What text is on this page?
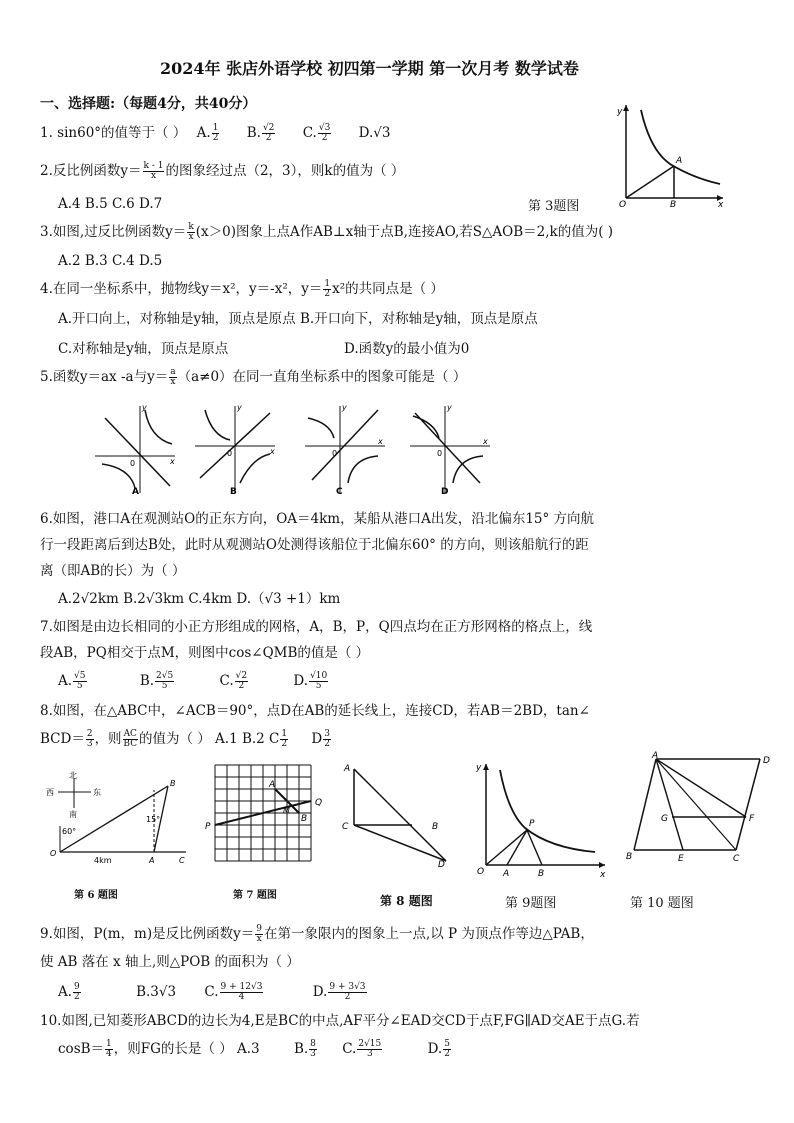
2024年 张店外语学校 初四第一学期 第一次月考 数学试卷
一、选择题:（每题4分，共40分）
1. sin60°的值等于（ ） A. $\frac{1}{2} B$. $\frac{√2}{2} C$. $\frac{√3}{2} D.√3$
2.反比例函数$y= \frac{k - 1}{x}$ 的图象经过点（2，3），则k的值为（ ）
A.4 B.5 C.6 D.7
3.如图,过反比例函数$y= \frac{k}{x} (x>0)$图象上点A作AB⊥x轴于点B,连接AO,若S△AOB＝2,k的值为( )
A.2 B.3 C.4 D.5
y
x
A
B
O
第 3题图
4.在同一坐标系中，抛物线y＝x²，y＝-x²，$y= \frac{1}{2} x^2$的共同点是（ ）
A.开口向上，对称轴是y轴，顶点是原点 B.开口向下，对称轴是y轴，顶点是原点
C.对称轴是y轴，顶点是原点	D.函数y的最小值为0
5.函数y＝ax -a与$y= \frac{a}{x} (a\ne 0)$在同一直角坐标系中的图象可能是（ ）
y
x
0
A
y
x
0
B
y
x
0
C
y
x
0
D
6.如图，港口A在观测站O的正东方向，OA＝4km，某船从港口A出发，沿北偏东15° 方向航
行一段距离后到达B处，此时从观测站O处测得该船位于北偏东60° 的方向，则该船航行的距
离（即AB的长）为（ ）
A.2√2km B.2√3km C.4km D.（√3 +1）km
7.如图是由边长相同的小正方形组成的网格，A，B，P，Q四点均在正方形网格的格点上，线
段AB，PQ相交于点M，则图中cos∠QMB的值是（ ）
A. $\frac{√5}{5}$	B. $\frac{2√5}{5}$	C. $\frac{√2}{2}$	D. $\frac{√10}{5}$
8.如图，在△ABC中，∠ACB＝90°，点D在AB的延长线上，连接CD，若AB＝2BD，tan∠
$BCD= \frac{2}{3}$ ，则 $\frac{AC}{BC}$ 的值为（ ） A.1 B.2 C $\frac{1}{2}$ D $\frac{3}{2}$
北
西	东
南
60°
15°
O
A
B
C
4km
第 6 题图
P
Q
A
B
M
第 7 题图
A
C	B
D
第 8 题图
y
x
P
O A	B
第 9题图
A	D
B	E	C
G	F
第 10 题图
9.如图，P(m，m)是反比例函数$y= \frac{9}{x}$ 在第一象限内的图象上一点,以 P 为顶点作等边△PAB，
使 AB 落在 x 轴上,则△POB 的面积为（ ）
A. $\frac{9}{2}$	B.3√3 C. $\frac{9 + 12√3}{4}$	D. $\frac{9 + 3√3}{2}$
10.如图,已知菱形ABCD的边长为4,E是BC的中点,AF平分∠EAD交CD于点F,FG∥AD交AE于点G.若
$\cos B= \frac{1}{4}$ ，则FG的长是（ ） A.3	B. $\frac{8}{3} C$. $\frac{2√15}{3}$	D. $\frac{5}{2}$
